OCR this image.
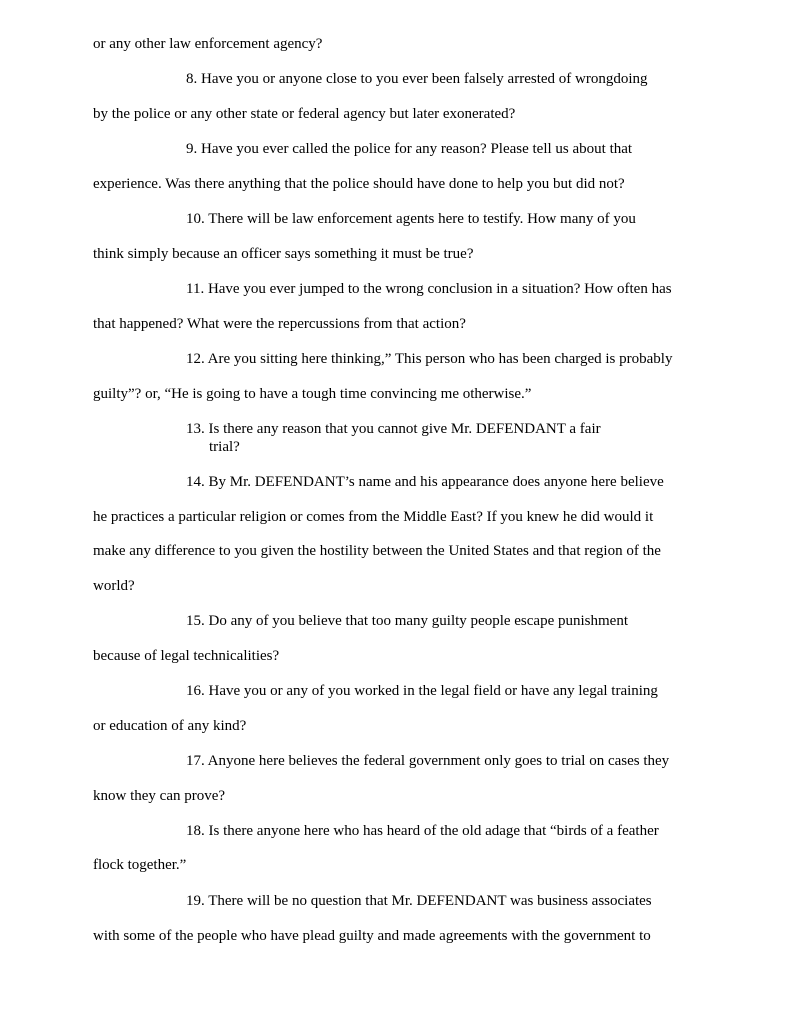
or any other law enforcement agency?

8. Have you or anyone close to you ever been falsely arrested of wrongdoing

by the police or any other state or federal agency but later exonerated?

9. Have you ever called the police for any reason? Please tell us about that

experience. Was there anything that the police should have done to help you but did not?

10. There will be law enforcement agents here to testify. How many of you

think simply because an officer says something it must be true?

11. Have you ever jumped to the wrong conclusion in a situation? How often has

that happened? What were the repercussions from that action?

12. Are you sitting here thinking,” This person who has been charged is probably

guilty”? or, “He is going to have a tough time convincing me otherwise.”

13. Is there any reason that you cannot give Mr. DEFENDANT a fair

trial?

14. By Mr. DEFENDANT’s name and his appearance does anyone here believe

he practices a particular religion or comes from the Middle East? If you knew he did would it

make any difference to you given the hostility between the United States and that region of the

world?

15. Do any of you believe that too many guilty people escape punishment

because of legal technicalities?

16. Have you or any of you worked in the legal field or have any legal training

or education of any kind?

17. Anyone here believes the federal government only goes to trial on cases they

know they can prove?

18. Is there anyone here who has heard of the old adage that “birds of a feather

flock together.”

19. There will be no question that Mr. DEFENDANT was business associates

with some of the people who have plead guilty and made agreements with the government to
